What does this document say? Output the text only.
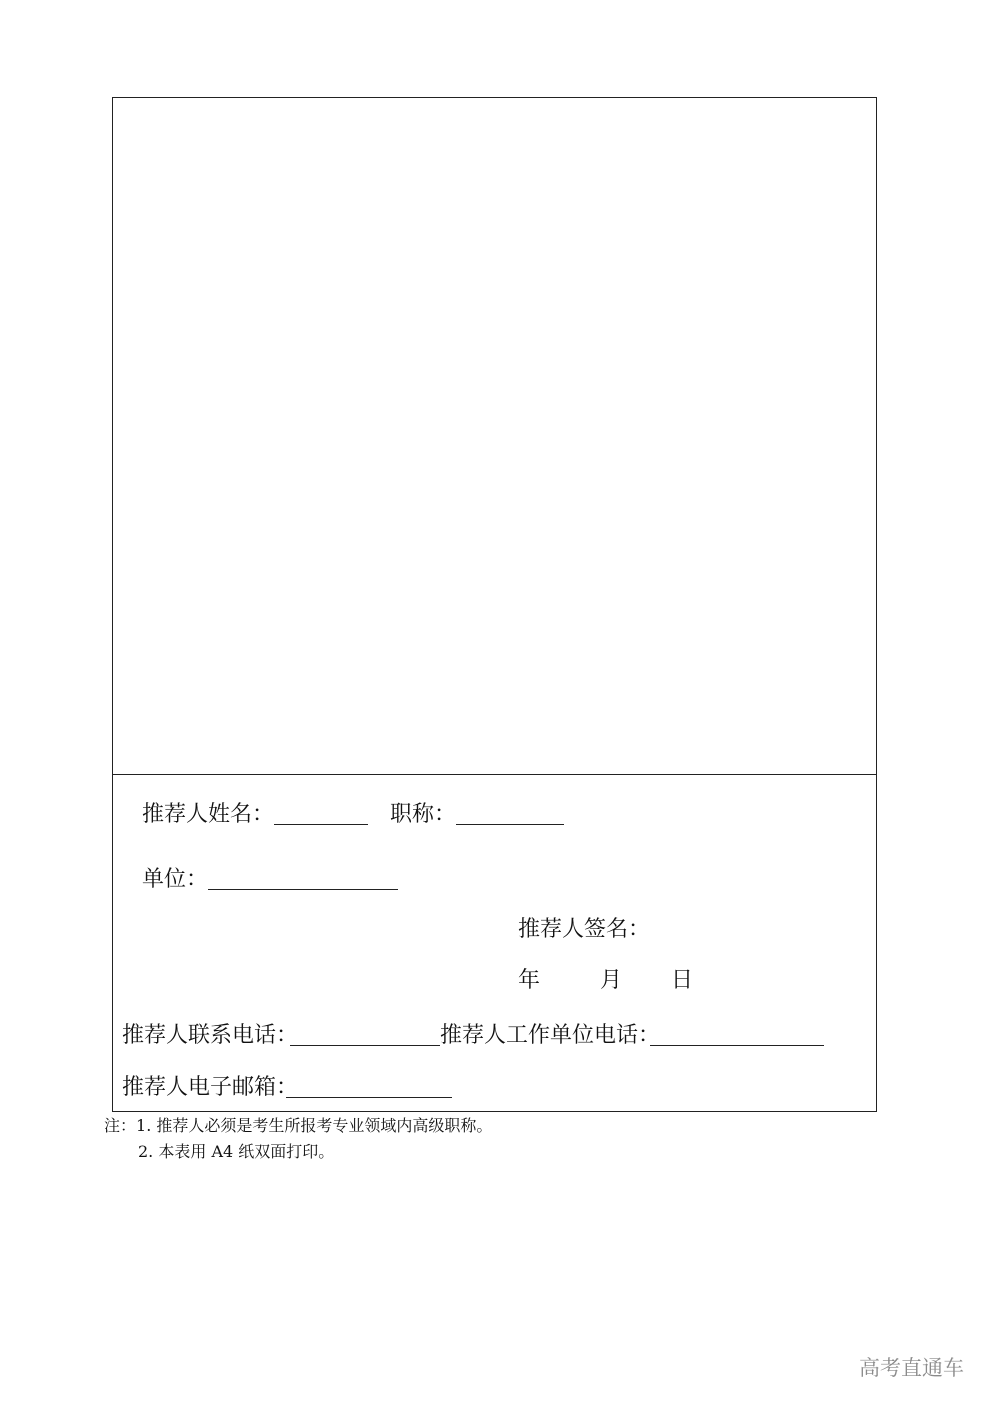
推荐人姓名：	职称：
单位：
推荐人签名：
年	月 日
推荐人联系电话：	推荐人工作单位电话：
推荐人电子邮箱：
注：1. 推荐人必须是考生所报考专业领域内高级职称。
2. 本表用 A4 纸双面打印。
高考直通车
